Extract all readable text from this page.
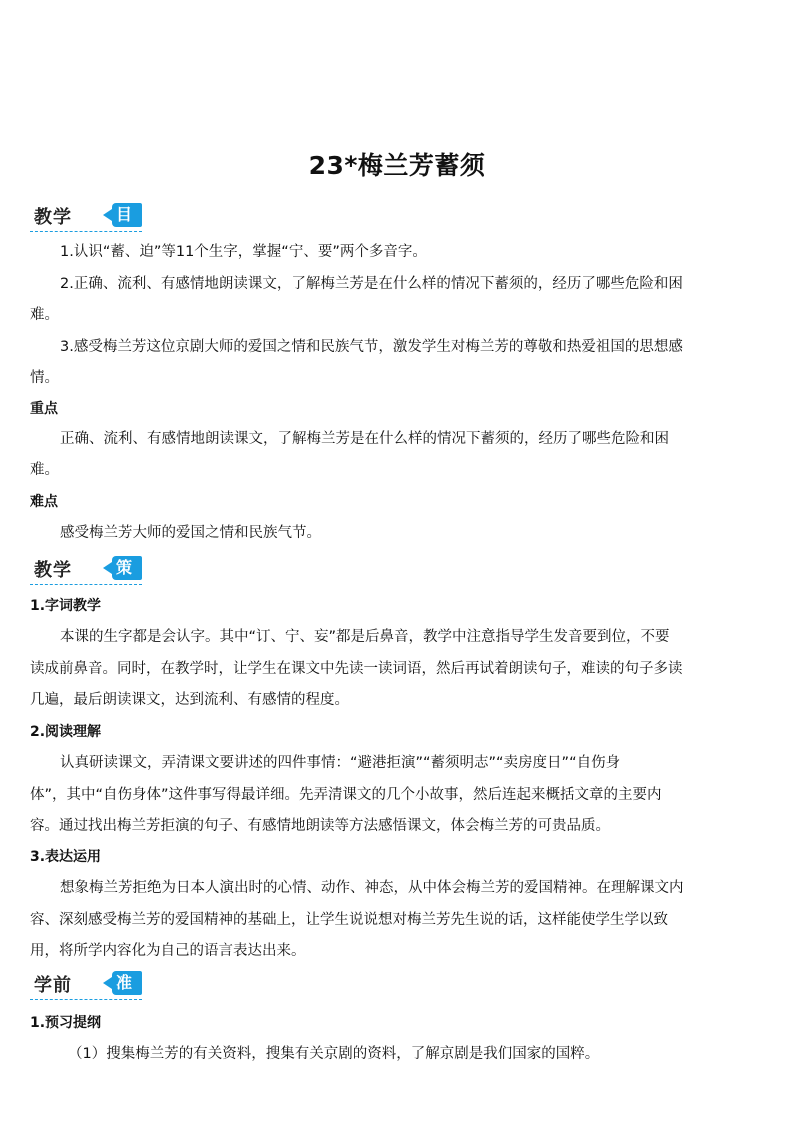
23*梅兰芳蓄须
教学	目标
1.认识“蓄、迫”等11个生字，掌握“宁、要”两个多音字。
2.正确、流利、有感情地朗读课文，了解梅兰芳是在什么样的情况下蓄须的，经历了哪些危险和困
难。
3.感受梅兰芳这位京剧大师的爱国之情和民族气节，激发学生对梅兰芳的尊敬和热爱祖国的思想感
情。
重点
正确、流利、有感情地朗读课文，了解梅兰芳是在什么样的情况下蓄须的，经历了哪些危险和困
难。
难点
感受梅兰芳大师的爱国之情和民族气节。
教学	策略
1.字词教学
本课的生字都是会认字。其中“订、宁、妄”都是后鼻音，教学中注意指导学生发音要到位，不要
读成前鼻音。同时，在教学时，让学生在课文中先读一读词语，然后再试着朗读句子，难读的句子多读
几遍，最后朗读课文，达到流利、有感情的程度。
2.阅读理解
认真研读课文，弄清课文要讲述的四件事情：“避港拒演”“蓄须明志”“卖房度日”“自伤身
体”，其中“自伤身体”这件事写得最详细。先弄清课文的几个小故事，然后连起来概括文章的主要内
容。通过找出梅兰芳拒演的句子、有感情地朗读等方法感悟课文，体会梅兰芳的可贵品质。
3.表达运用
想象梅兰芳拒绝为日本人演出时的心情、动作、神态，从中体会梅兰芳的爱国精神。在理解课文内
容、深刻感受梅兰芳的爱国精神的基础上，让学生说说想对梅兰芳先生说的话，这样能使学生学以致
用，将所学内容化为自己的语言表达出来。
学前	准备
1.预习提纲
（1）搜集梅兰芳的有关资料，搜集有关京剧的资料，了解京剧是我们国家的国粹。
